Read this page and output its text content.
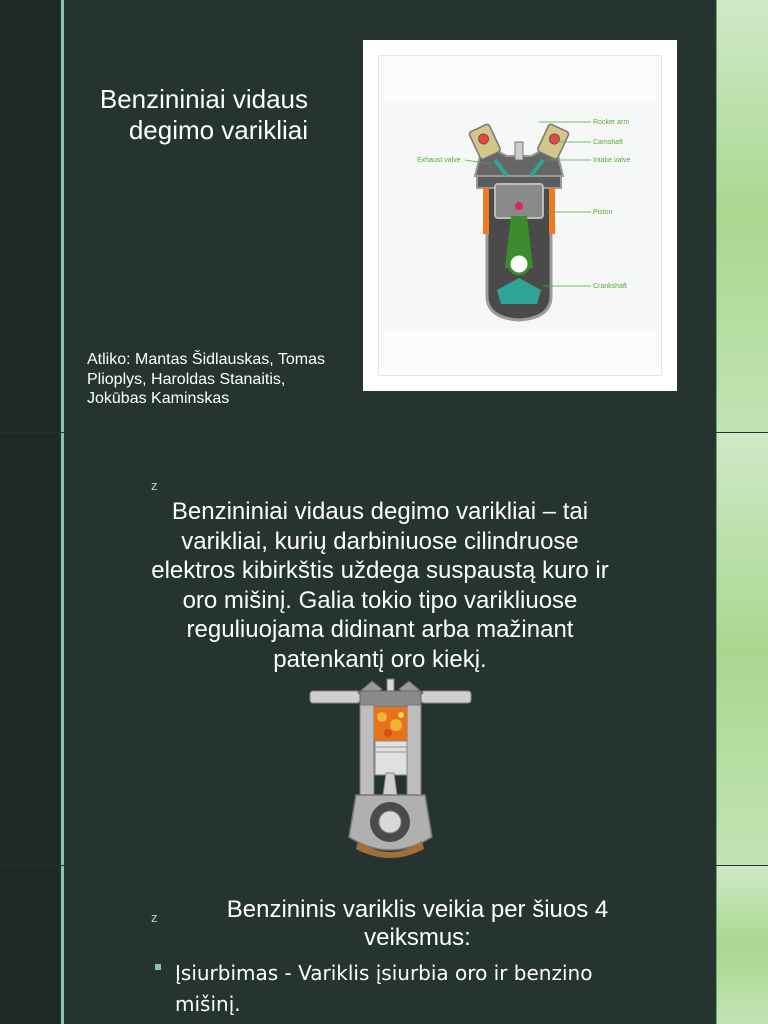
Benzininiai vidaus degimo varikliai
Atliko: Mantas Šidlauskas, Tomas Plioplys, Haroldas Stanaitis, Jokūbas Kaminskas
Rocker arm
Camshaft
Exhaust valve	Intake valve
Piston
Crankshaft
z
Benzininiai vidaus degimo varikliai – tai varikliai, kurių darbiniuose cilindruose elektros kibirkštis uždega suspaustą kuro ir oro mišinį. Galia tokio tipo varikliuose reguliuojama didinant arba mažinant patenkantį oro kiekį.
z	Benzininis variklis veikia per šiuos 4 veiksmus:
Įsiurbimas - Variklis įsiurbia oro ir benzino mišinį.
